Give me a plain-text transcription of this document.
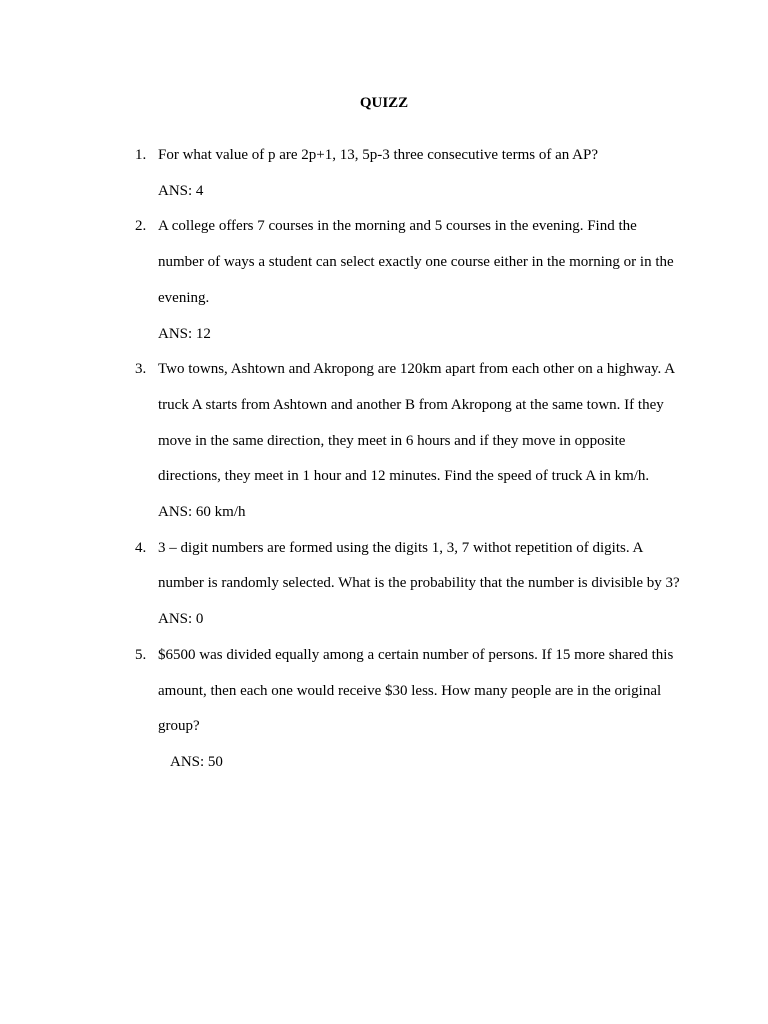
QUIZZ
1. For what value of p are 2p+1, 13, 5p-3 three consecutive terms of an AP?
ANS: 4
2. A college offers 7 courses in the morning and 5 courses in the evening. Find the number of ways a student can select exactly one course either in the morning or in the evening.
ANS: 12
3. Two towns, Ashtown and Akropong are 120km apart from each other on a highway. A truck A starts from Ashtown and another B from Akropong at the same town. If they move in the same direction, they meet in 6 hours and if they move in opposite directions, they meet in 1 hour and 12 minutes. Find the speed of truck A in km/h.
ANS: 60 km/h
4. 3 – digit numbers are formed using the digits 1, 3, 7 withot repetition of digits. A number is randomly selected. What is the probability that the number is divisible by 3?
ANS: 0
5. $6500 was divided equally among a certain number of persons. If 15 more shared this amount, then each one would receive $30 less. How many people are in the original group?
ANS: 50
